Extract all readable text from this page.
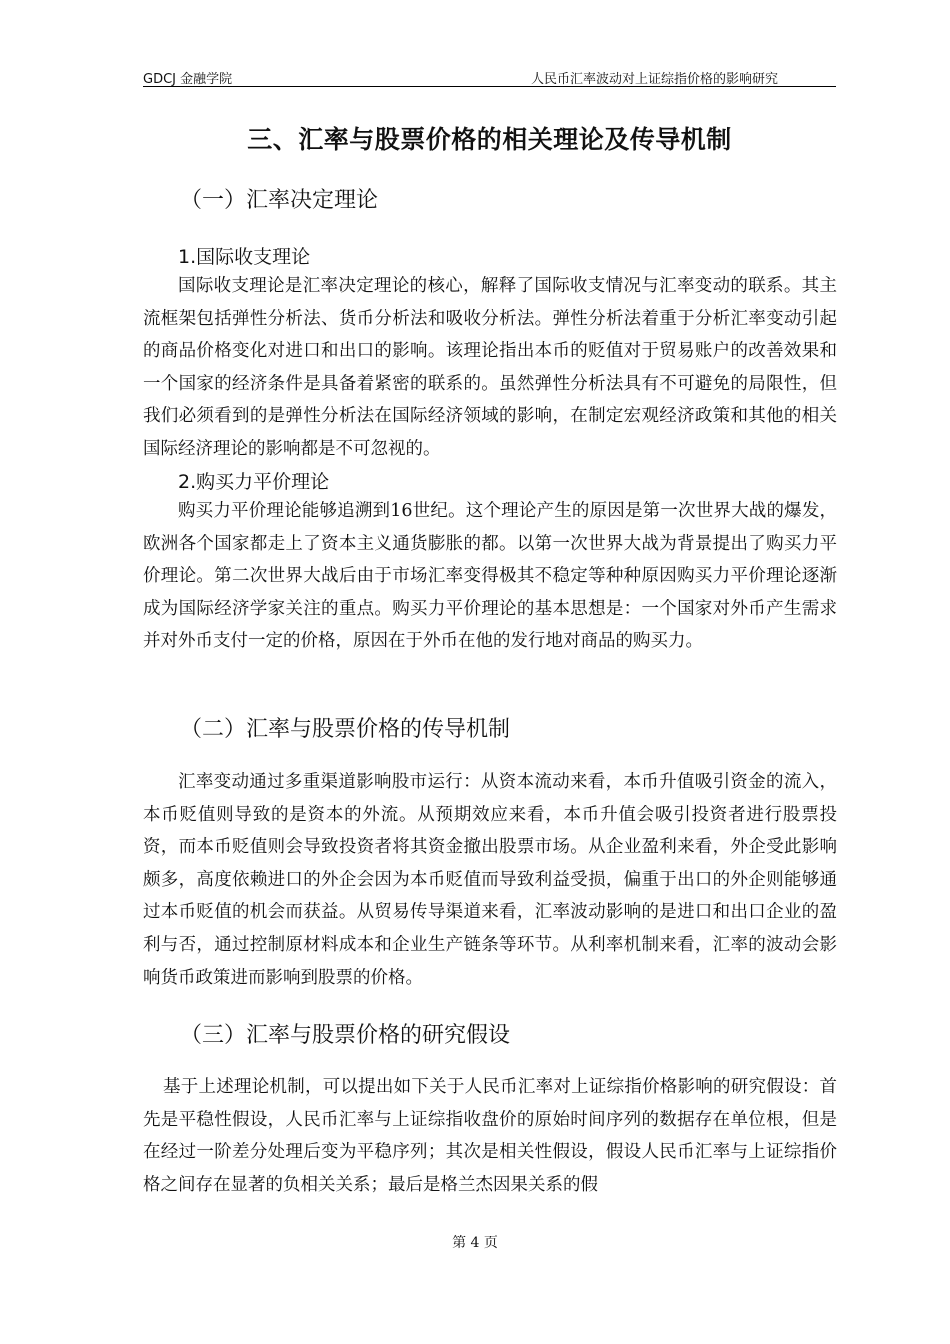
GDCJ 金融学院	人民币汇率波动对上证综指价格的影响研究
三、汇率与股票价格的相关理论及传导机制
（一）汇率决定理论
1.国际收支理论
国际收支理论是汇率决定理论的核心，解释了国际收支情况与汇率变动的联系。其主流框架包括弹性分析法、货币分析法和吸收分析法。弹性分析法着重于分析汇率变动引起的商品价格变化对进口和出口的影响。该理论指出本币的贬值对于贸易账户的改善效果和一个国家的经济条件是具备着紧密的联系的。虽然弹性分析法具有不可避免的局限性，但我们必须看到的是弹性分析法在国际经济领域的影响，在制定宏观经济政策和其他的相关国际经济理论的影响都是不可忽视的。
2.购买力平价理论
购买力平价理论能够追溯到16世纪。这个理论产生的原因是第一次世界大战的爆发，欧洲各个国家都走上了资本主义通货膨胀的都。以第一次世界大战为背景提出了购买力平价理论。第二次世界大战后由于市场汇率变得极其不稳定等种种原因购买力平价理论逐渐成为国际经济学家关注的重点。购买力平价理论的基本思想是：一个国家对外币产生需求并对外币支付一定的价格，原因在于外币在他的发行地对商品的购买力。
（二）汇率与股票价格的传导机制
汇率变动通过多重渠道影响股市运行：从资本流动来看，本币升值吸引资金的流入，本币贬值则导致的是资本的外流。从预期效应来看，本币升值会吸引投资者进行股票投资，而本币贬值则会导致投资者将其资金撤出股票市场。从企业盈利来看，外企受此影响颇多，高度依赖进口的外企会因为本币贬值而导致利益受损，偏重于出口的外企则能够通过本币贬值的机会而获益。从贸易传导渠道来看，汇率波动影响的是进口和出口企业的盈利与否，通过控制原材料成本和企业生产链条等环节。从利率机制来看，汇率的波动会影响货币政策进而影响到股票的价格。
（三）汇率与股票价格的研究假设
基于上述理论机制，可以提出如下关于人民币汇率对上证综指价格影响的研究假设：首先是平稳性假设，人民币汇率与上证综指收盘价的原始时间序列的数据存在单位根，但是在经过一阶差分处理后变为平稳序列；其次是相关性假设，假设人民币汇率与上证综指价格之间存在显著的负相关关系；最后是格兰杰因果关系的假
第 4 页
